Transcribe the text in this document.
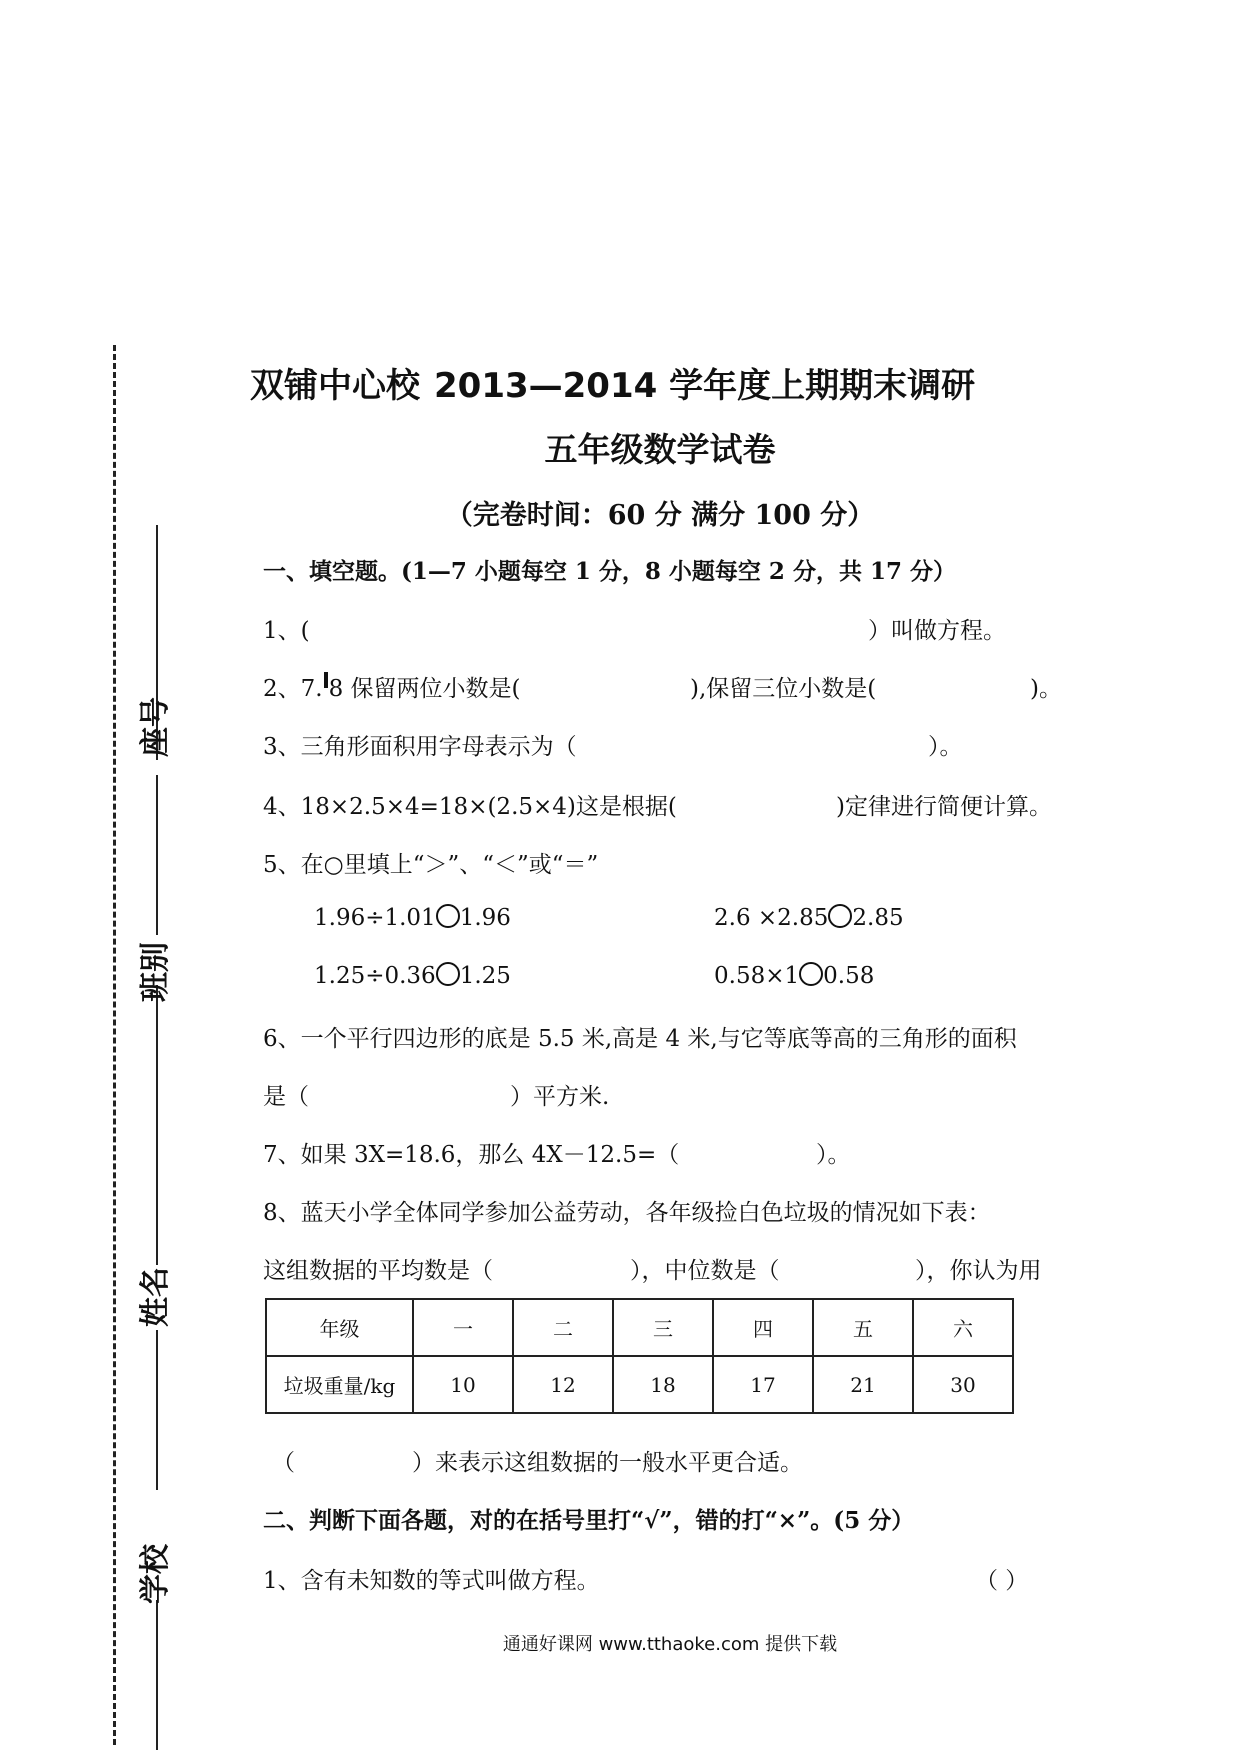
座号
班别
姓名
学校
双铺中心校 2013—2014 学年度上期期末调研
五年级数学试卷
（完卷时间：60 分 满分 100 分）
一、填空题。(1—7 小题每空 1 分，8 小题每空 2 分，共 17 分）
1、(	）叫做方程。
2、7. 8 保留两位小数是(	),保留三位小数是(	)。
3、三角形面积用字母表示为（	）。
4、18×2.5×4=18×(2.5×4)这是根据(	)定律进行简便计算。
5、在○里填上“＞”、“＜”或“＝”
1.96÷1.01 1.96	2.6 ×2.85 2.85
1.25÷0.36 1.25	0.58×1 0.58
6、一个平行四边形的底是 5.5 米,高是 4 米,与它等底等高的三角形的面积
是（	）平方米.
7、如果 3X=18.6，那么 4X－12.5=（	）。
8、蓝天小学全体同学参加公益劳动，各年级捡白色垃圾的情况如下表：
这组数据的平均数是（	），中位数是（	），你认为用
年级	一	二	三	四	五	六
垃圾重量/kg	10	12	18	17	21	30
（	）来表示这组数据的一般水平更合适。
二、判断下面各题，对的在括号里打“√”，错的打“×”。(5 分）
1、含有未知数的等式叫做方程。	（ ）
通通好课网 www.tthaoke.com 提供下载
